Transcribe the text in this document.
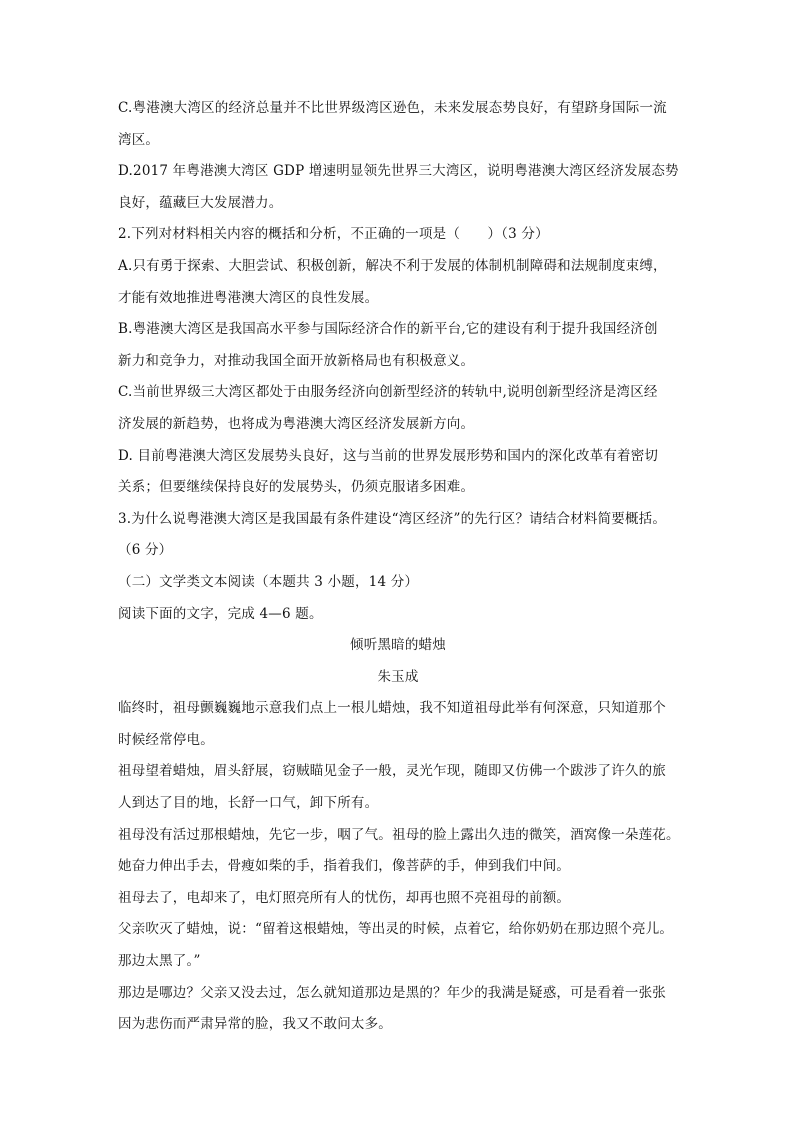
C.粤港澳大湾区的经济总量并不比世界级湾区逊色，未来发展态势良好，有望跻身国际一流
湾区。
D.2017 年粤港澳大湾区 GDP 增速明显领先世界三大湾区，说明粤港澳大湾区经济发展态势
良好，蕴藏巨大发展潜力。
2.下列对材料相关内容的概括和分析，不正确的一项是（　　）（3 分）
A.只有勇于探索、大胆尝试、积极创新，解决不利于发展的体制机制障碍和法规制度束缚，
才能有效地推进粤港澳大湾区的良性发展。
B.粤港澳大湾区是我国高水平参与国际经济合作的新平台,它的建设有利于提升我国经济创
新力和竞争力，对推动我国全面开放新格局也有积极意义。
C.当前世界级三大湾区都处于由服务经济向创新型经济的转轨中,说明创新型经济是湾区经
济发展的新趋势，也将成为粤港澳大湾区经济发展新方向。
D. 目前粤港澳大湾区发展势头良好，这与当前的世界发展形势和国内的深化改革有着密切
关系；但要继续保持良好的发展势头，仍须克服诸多困难。
3.为什么说粤港澳大湾区是我国最有条件建设“湾区经济”的先行区？请结合材料简要概括。
（6 分）
（二）文学类文本阅读（本题共 3 小题，14 分）
阅读下面的文字，完成 4—6 题。
倾听黑暗的蜡烛
朱玉成
临终时，祖母颤巍巍地示意我们点上一根儿蜡烛，我不知道祖母此举有何深意，只知道那个
时候经常停电。
祖母望着蜡烛，眉头舒展，窃贼瞄见金子一般，灵光乍现，随即又仿佛一个跋涉了许久的旅
人到达了目的地，长舒一口气，卸下所有。
祖母没有活过那根蜡烛，先它一步，咽了气。祖母的脸上露出久违的微笑，酒窝像一朵莲花。
她奋力伸出手去，骨瘦如柴的手，指着我们，像菩萨的手，伸到我们中间。
祖母去了，电却来了，电灯照亮所有人的忧伤，却再也照不亮祖母的前额。
父亲吹灭了蜡烛，说：“留着这根蜡烛，等出灵的时候，点着它，给你奶奶在那边照个亮儿。
那边太黑了。”
那边是哪边？父亲又没去过，怎么就知道那边是黑的？年少的我满是疑惑，可是看着一张张
因为悲伤而严肃异常的脸，我又不敢问太多。
